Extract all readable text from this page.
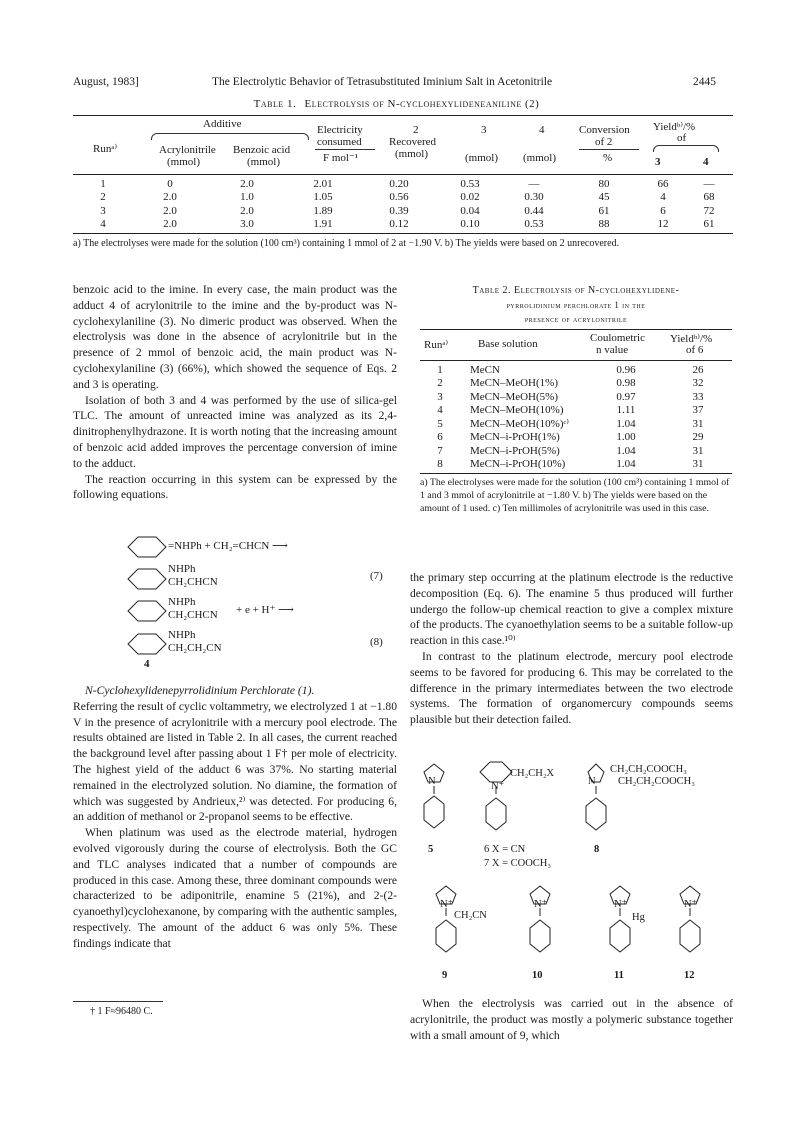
August, 1983]	The Electrolytic Behavior of Tetrasubstituted Iminium Salt in Acetonitrile	2445
Table 1. Electrolysis of N-cyclohexylideneaniline (2)
Runᵃ⁾
Additive
Acrylonitrile
(mmol)
Benzoic acid
(mmol)
Electricity
consumed
F mol⁻¹
2
Recovered
(mmol)
3
(mmol)
4
(mmol)
Conversion
of 2
%
Yieldᵇ⁾/%
of
3	4
1	0	2.0	2.01	0.20	0.53	—	80	66	—
2	2.0	1.0	1.05	0.56	0.02	0.30	45	4	68
3	2.0	2.0	1.89	0.39	0.04	0.44	61	6	72
4	2.0	3.0	1.91	0.12	0.10	0.53	88	12	61
a) The electrolyses were made for the solution (100 cm³) containing 1 mmol of 2 at −1.90 V. b) The yields were based on 2 unrecovered.

benzoic acid to the imine. In every case, the main product was the adduct 4 of acrylonitrile to the imine and the by-product was N-cyclohexylaniline (3). No dimeric product was observed. When the electrolysis was done in the absence of acrylonitrile but in the presence of 2 mmol of benzoic acid, the main product was N-cyclohexylaniline (3) (66%), which showed the sequence of Eqs. 2 and 3 is operating.

Isolation of both 3 and 4 was performed by the use of silica-gel TLC. The amount of unreacted imine was analyzed as its 2,4-dinitrophenylhydrazone. It is worth noting that the increasing amount of benzoic acid added improves the percentage conversion of imine to the adduct.

The reaction occurring in this system can be expressed by the following equations.

=NHPh + CH₂=CHCN ⟶
NHPh
CH₂CHCN	(7)
NHPh
CH₂CHCN + e + H⁺ ⟶
NHPh
CH₂CH₂CN	(8)
4

N-Cyclohexylidenepyrrolidinium Perchlorate (1).

Referring the result of cyclic voltammetry, we electrolyzed 1 at −1.80 V in the presence of acrylonitrile with a mercury pool electrode. The results obtained are listed in Table 2. In all cases, the current reached the background level after passing about 1 F† per mole of electricity. The highest yield of the adduct 6 was 37%. No starting material remained in the electrolyzed solution. No diamine, the formation of which was suggested by Andrieux,²⁾ was detected. For producing 6, an addition of methanol or 2-propanol seems to be effective.

When platinum was used as the electrode material, hydrogen evolved vigorously during the course of electrolysis. Both the GC and TLC analyses indicated that a number of compounds are produced in this case. Among these, three dominant compounds were characterized to be adiponitrile, enamine 5 (21%), and 2-(2-cyanoethyl)cyclohexanone, by comparing with the authentic samples, respectively. The amount of the adduct 6 was only 5%. These findings indicate that

† 1 F≈96480 C.
Table 2. Electrolysis of N-cyclohexylidene-
pyrrolidinium perchlorate 1 in the
presence of acrylonitrile
Runᵃ⁾	Base solution	Coulometric
n value
Yieldᵇ⁾/%
of 6
1	MeCN	0.96	26
2	MeCN–MeOH(1%)	0.98	32
3	MeCN–MeOH(5%)	0.97	33
4	MeCN–MeOH(10%)	1.11	37
5	MeCN–MeOH(10%)ᶜ⁾	1.04	31
6	MeCN–i-PrOH(1%)	1.00	29
7	MeCN–i-PrOH(5%)	1.04	31
8	MeCN–i-PrOH(10%)	1.04	31
a) The electrolyses were made for the solution (100 cm³) containing 1 mmol of 1 and 3 mmol of acrylonitrile at −1.80 V. b) The yields were based on the amount of 1 used. c) Ten millimoles of acrylonitrile was used in this case.

the primary step occurring at the platinum electrode is the reductive decomposition (Eq. 6). The enamine 5 thus produced will further undergo the follow-up chemical reaction to give a complex mixture of the products. The cyanoethylation seems to be a suitable follow-up reaction in this case.¹⁰⁾

In contrast to the platinum electrode, mercury pool electrode seems to be favored for producing 6. This may be correlated to the difference in the primary intermediates between the two electrode systems. The formation of organomercury compounds seems plausible but their detection failed.

N	N⁺
CH₂CH₂X
N
CH₂CH₂COOCH₃
CH₂CH₂COOCH₃
5	6 X = CN
7 X = COOCH₃
8
N⁺
CH₂CN
N⁺	N⁺
Hg
N⁺
9	10	11	12

When the electrolysis was carried out in the absence of acrylonitrile, the product was mostly a polymeric substance together with a small amount of 9, which
